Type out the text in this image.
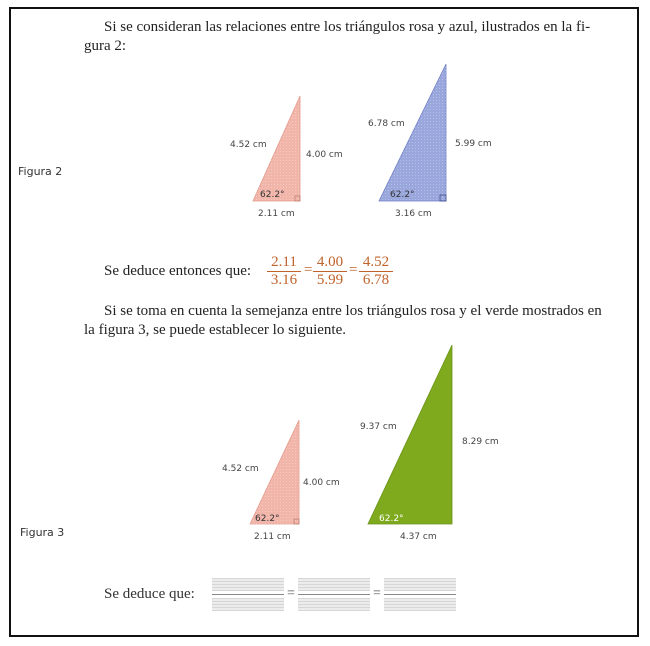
Si se consideran las relaciones entre los triángulos rosa y azul, ilustrados en la fi-
gura 2:
Figura 2
4.52 cm
4.00 cm
2.11 cm
62.2°
6.78 cm
5.99 cm
3.16 cm
62.2°
4.52 cm
4.00 cm
2.11 cm
62.2°
9.37 cm
8.29 cm
4.37 cm
62.2°
Se deduce entonces que: $\frac{2.11}{3.16} = \frac{4.00}{5.99} = \frac{4.52}{6.78}$
Si se toma en cuenta la semejanza entre los triángulos rosa y el verde mostrados en
la figura 3, se puede establecer lo siguiente.
Figura 3
Se deduce que:	=	=
